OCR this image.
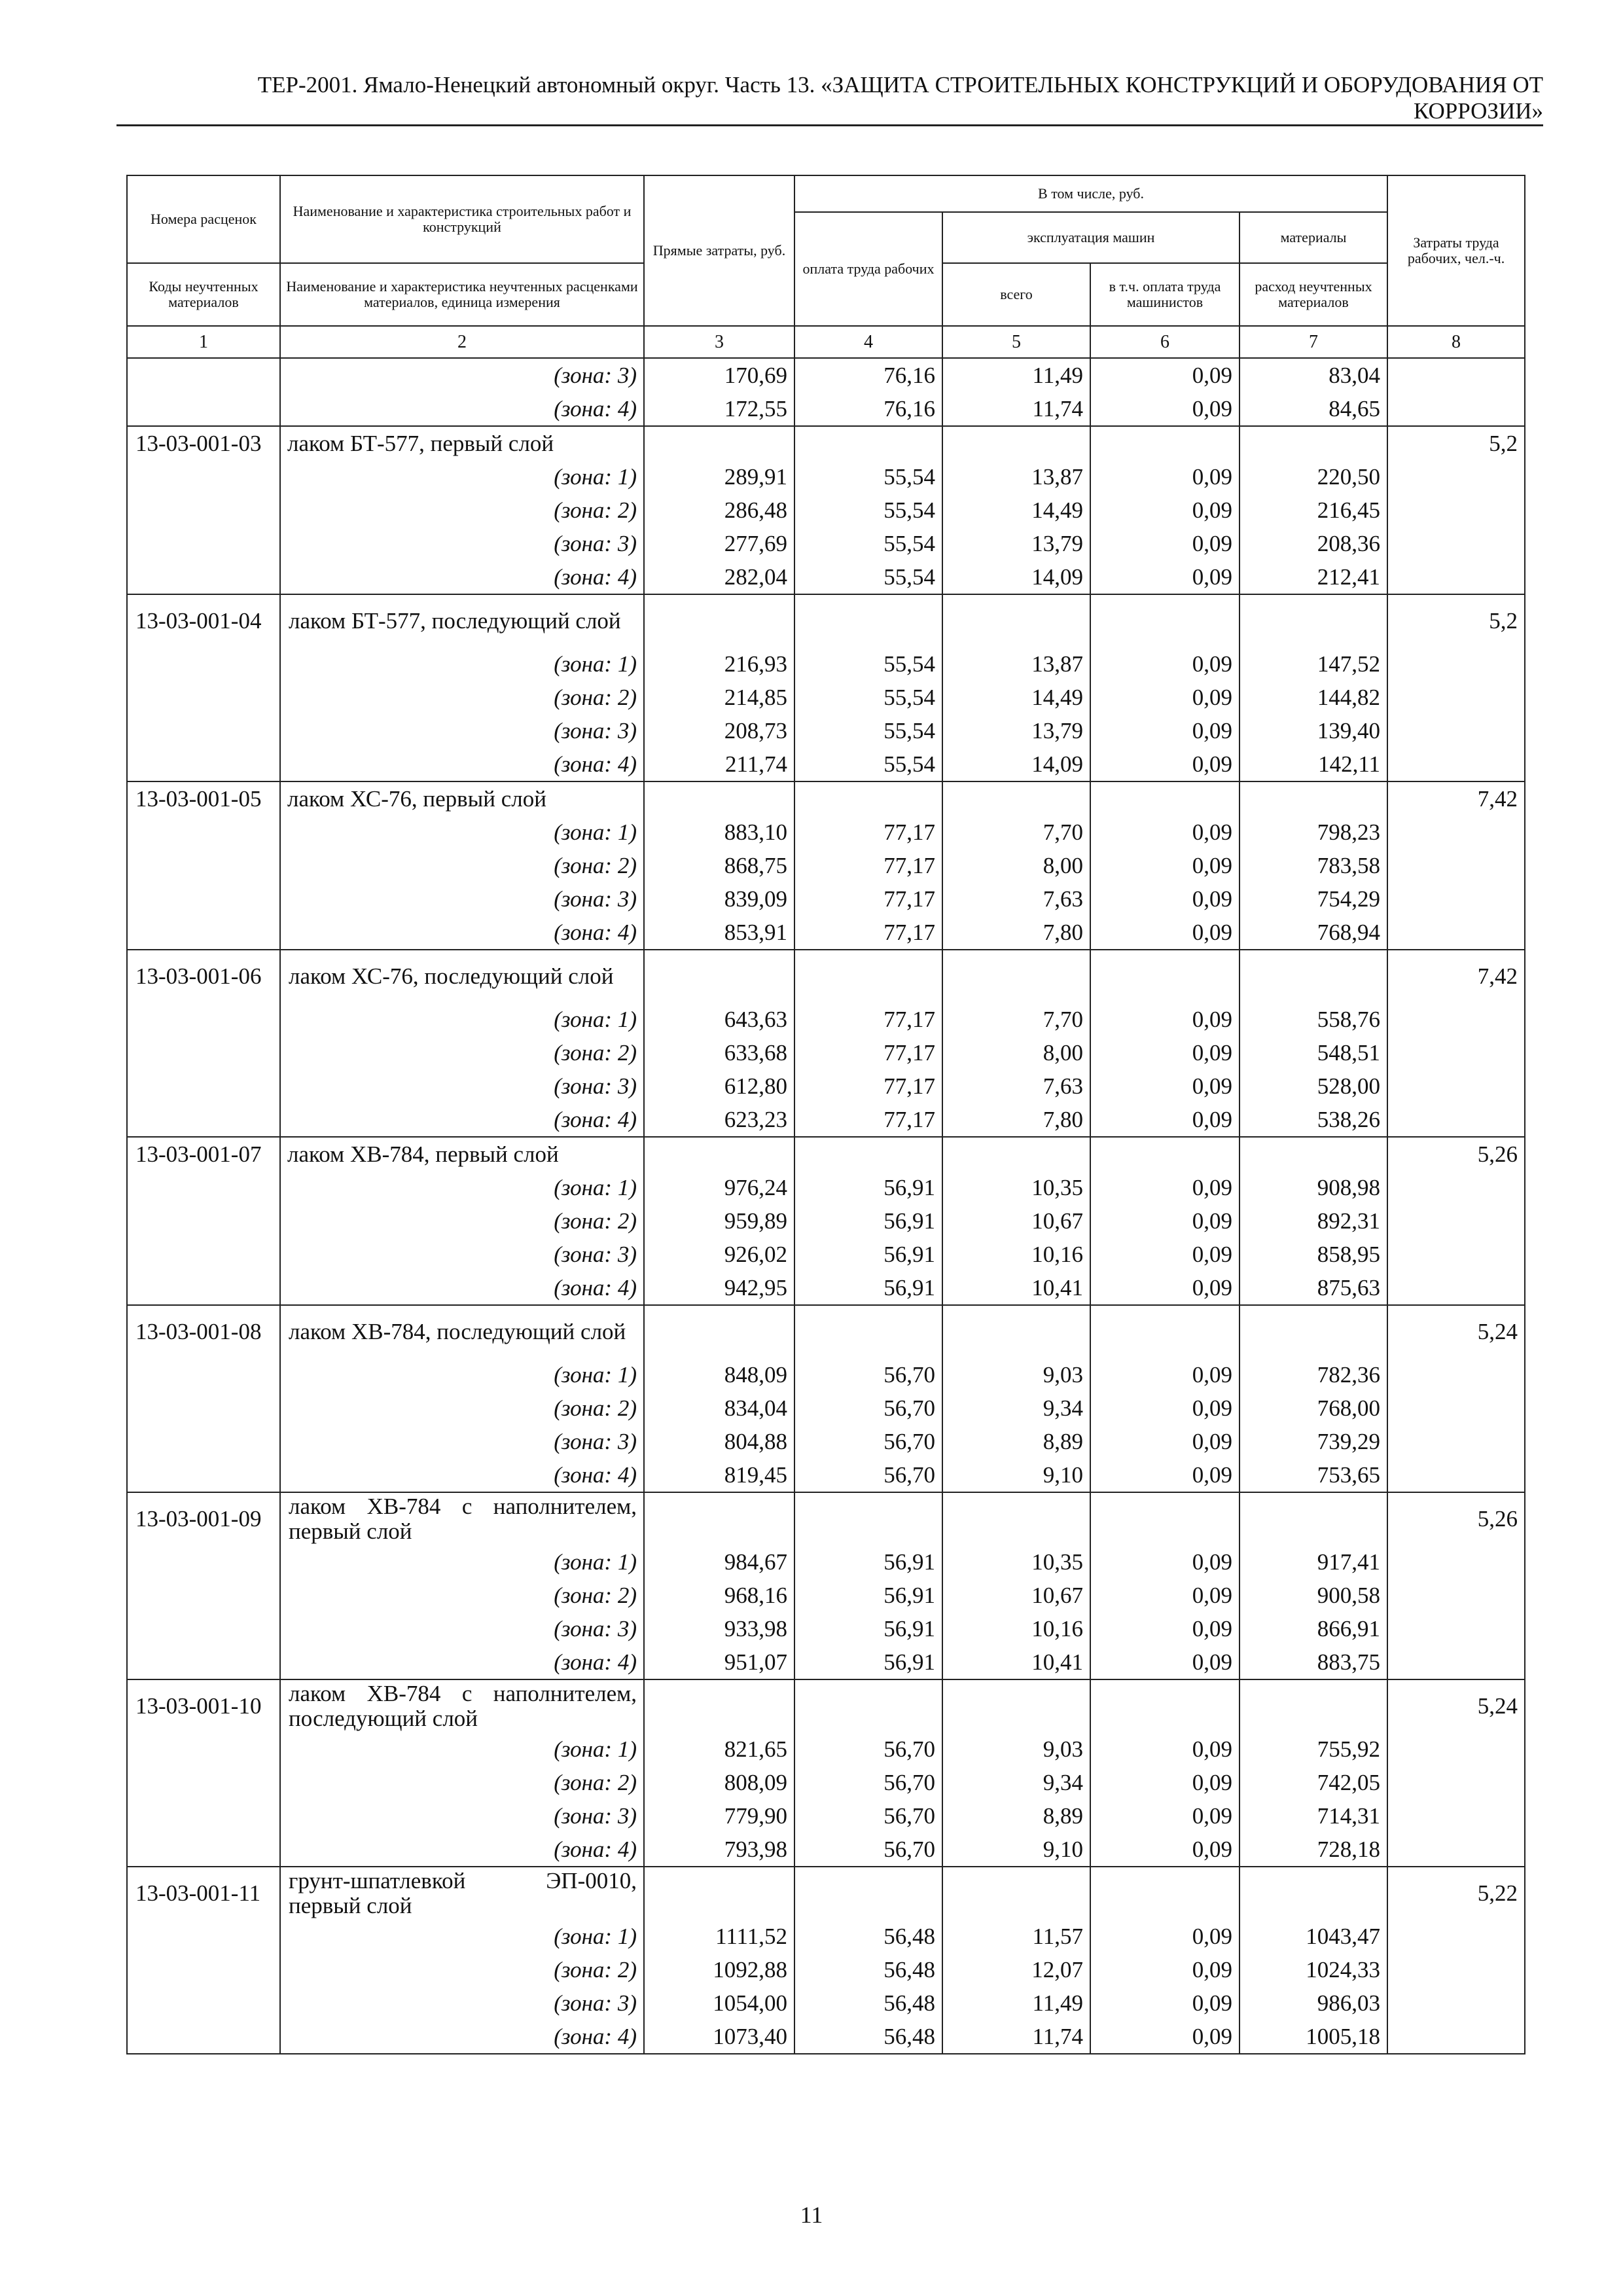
ТЕР-2001. Ямало-Ненецкий автономный округ. Часть 13. «ЗАЩИТА СТРОИТЕЛЬНЫХ КОНСТРУКЦИЙ И ОБОРУДОВАНИЯ ОТ
КОРРОЗИИ»
Номера расценок	Наименование и характеристика строительных работ и конструкций	Прямые затраты, руб.	В том числе, руб.				Затраты труда рабочих, чел.-ч.
			оплата труда рабочих	эксплуатация машин		материалы	
Коды неучтенных материалов	Наименование и характеристика неучтенных расценками материалов, единица измерения			всего	в т.ч. оплата труда машинистов	расход неучтенных материалов	
1	2	3	4	5	6	7	8
	(зона: 3)	170,69	76,16	11,49	0,09	83,04	
	(зона: 4)	172,55	76,16	11,74	0,09	84,65	
13-03-001-03	лаком БТ-577, первый слой						5,2
	(зона: 1)	289,91	55,54	13,87	0,09	220,50	
	(зона: 2)	286,48	55,54	14,49	0,09	216,45	
	(зона: 3)	277,69	55,54	13,79	0,09	208,36	
	(зона: 4)	282,04	55,54	14,09	0,09	212,41	
13-03-001-04	лаком БТ-577, последующий слой						5,2
	(зона: 1)	216,93	55,54	13,87	0,09	147,52	
	(зона: 2)	214,85	55,54	14,49	0,09	144,82	
	(зона: 3)	208,73	55,54	13,79	0,09	139,40	
	(зона: 4)	211,74	55,54	14,09	0,09	142,11	
13-03-001-05	лаком ХС-76, первый слой						7,42
	(зона: 1)	883,10	77,17	7,70	0,09	798,23	
	(зона: 2)	868,75	77,17	8,00	0,09	783,58	
	(зона: 3)	839,09	77,17	7,63	0,09	754,29	
	(зона: 4)	853,91	77,17	7,80	0,09	768,94	
13-03-001-06	лаком ХС-76, последующий слой						7,42
	(зона: 1)	643,63	77,17	7,70	0,09	558,76	
	(зона: 2)	633,68	77,17	8,00	0,09	548,51	
	(зона: 3)	612,80	77,17	7,63	0,09	528,00	
	(зона: 4)	623,23	77,17	7,80	0,09	538,26	
13-03-001-07	лаком ХВ-784, первый слой						5,26
	(зона: 1)	976,24	56,91	10,35	0,09	908,98	
	(зона: 2)	959,89	56,91	10,67	0,09	892,31	
	(зона: 3)	926,02	56,91	10,16	0,09	858,95	
	(зона: 4)	942,95	56,91	10,41	0,09	875,63	
13-03-001-08	лаком ХВ-784, последующий слой						5,24
	(зона: 1)	848,09	56,70	9,03	0,09	782,36	
	(зона: 2)	834,04	56,70	9,34	0,09	768,00	
	(зона: 3)	804,88	56,70	8,89	0,09	739,29	
	(зона: 4)	819,45	56,70	9,10	0,09	753,65	
13-03-001-09	лаком ХВ-784 с наполнителем, первый слой						5,26
	(зона: 1)	984,67	56,91	10,35	0,09	917,41	
	(зона: 2)	968,16	56,91	10,67	0,09	900,58	
	(зона: 3)	933,98	56,91	10,16	0,09	866,91	
	(зона: 4)	951,07	56,91	10,41	0,09	883,75	
13-03-001-10	лаком ХВ-784 с наполнителем, последующий слой						5,24
	(зона: 1)	821,65	56,70	9,03	0,09	755,92	
	(зона: 2)	808,09	56,70	9,34	0,09	742,05	
	(зона: 3)	779,90	56,70	8,89	0,09	714,31	
	(зона: 4)	793,98	56,70	9,10	0,09	728,18	
13-03-001-11	грунт-шпатлевкой ЭП-0010, первый слой						5,22
	(зона: 1)	1111,52	56,48	11,57	0,09	1043,47	
	(зона: 2)	1092,88	56,48	12,07	0,09	1024,33	
	(зона: 3)	1054,00	56,48	11,49	0,09	986,03	
	(зона: 4)	1073,40	56,48	11,74	0,09	1005,18	
11
